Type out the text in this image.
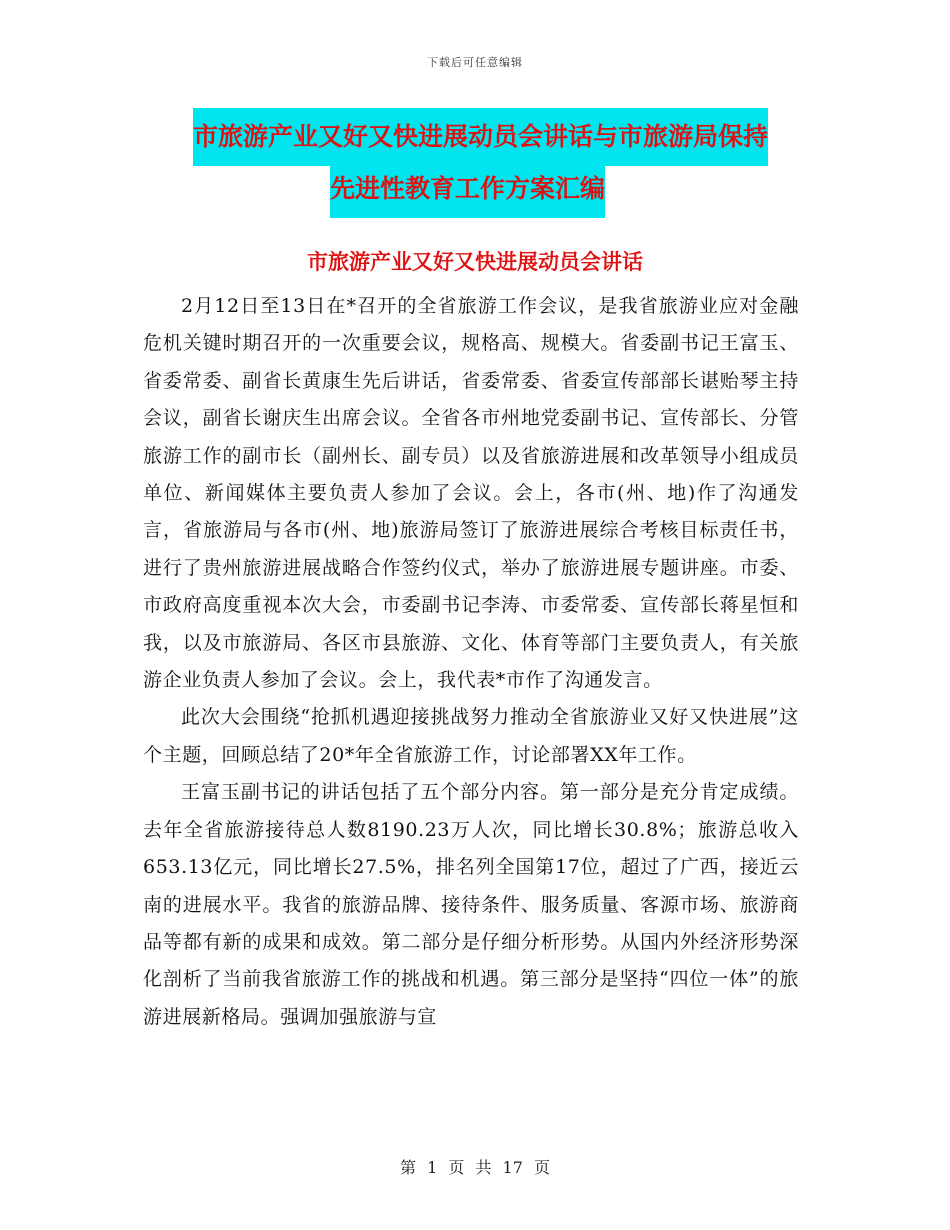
下载后可任意编辑
市旅游产业又好又快进展动员会讲话与市旅游局保持
先进性教育工作方案汇编
市旅游产业又好又快进展动员会讲话

2月12日至13日在*召开的全省旅游工作会议，是我省旅游业应对金融危机关键时期召开的一次重要会议，规格高、规模大。省委副书记王富玉、省委常委、副省长黄康生先后讲话，省委常委、省委宣传部部长谌贻琴主持会议，副省长谢庆生出席会议。全省各市州地党委副书记、宣传部长、分管旅游工作的副市长（副州长、副专员）以及省旅游进展和改革领导小组成员单位、新闻媒体主要负责人参加了会议。会上，各市(州、地)作了沟通发言，省旅游局与各市(州、地)旅游局签订了旅游进展综合考核目标责任书，进行了贵州旅游进展战略合作签约仪式，举办了旅游进展专题讲座。市委、市政府高度重视本次大会，市委副书记李涛、市委常委、宣传部长蒋星恒和我，以及市旅游局、各区市县旅游、文化、体育等部门主要负责人，有关旅游企业负责人参加了会议。会上，我代表*市作了沟通发言。

此次大会围绕“抢抓机遇迎接挑战努力推动全省旅游业又好又快进展”这个主题，回顾总结了20*年全省旅游工作，讨论部署XX年工作。

王富玉副书记的讲话包括了五个部分内容。第一部分是充分肯定成绩。去年全省旅游接待总人数8190.23万人次，同比增长30.8%；旅游总收入653.13亿元，同比增长27.5%，排名列全国第17位，超过了广西，接近云南的进展水平。我省的旅游品牌、接待条件、服务质量、客源市场、旅游商品等都有新的成果和成效。第二部分是仔细分析形势。从国内外经济形势深化剖析了当前我省旅游工作的挑战和机遇。第三部分是坚持“四位一体”的旅游进展新格局。强调加强旅游与宣

第 1 页 共 17 页
